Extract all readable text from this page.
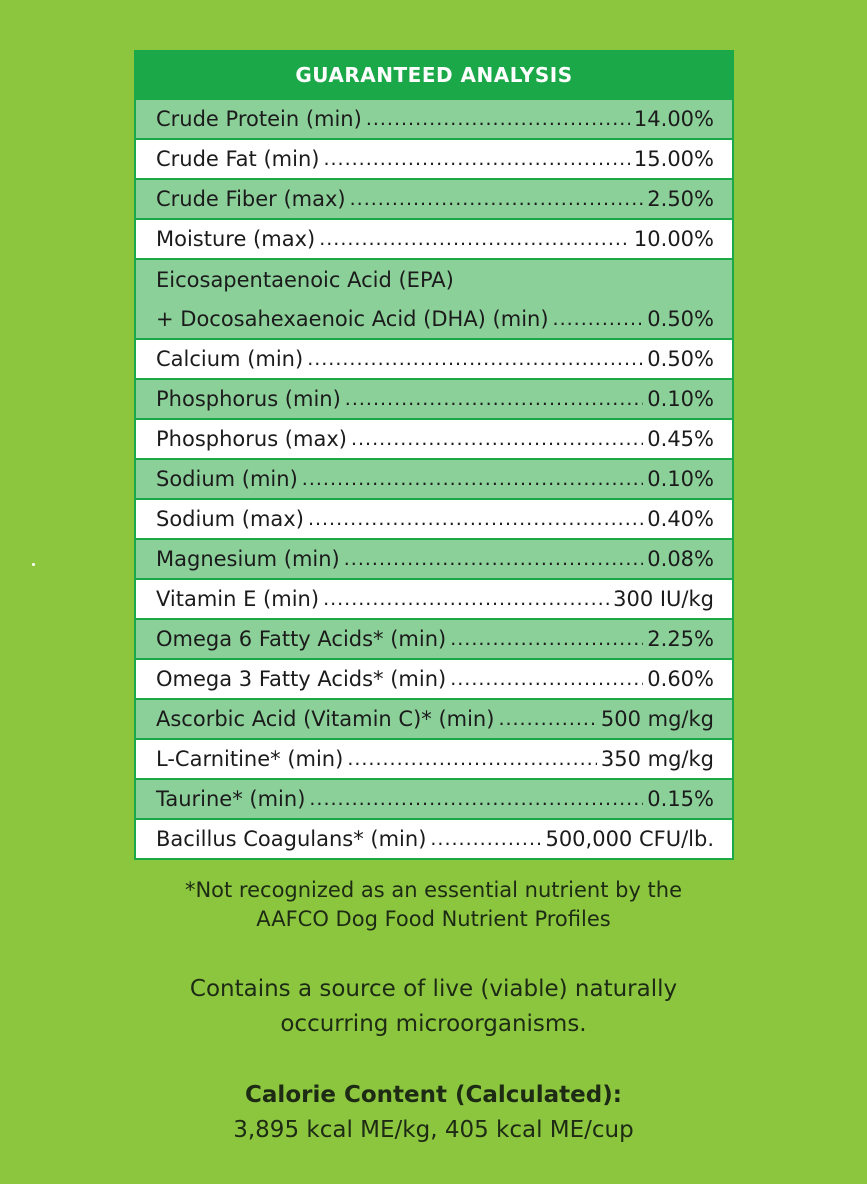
GUARANTEED ANALYSIS
Crude Protein (min) .....	14.00%
Crude Fat (min) .....	15.00%
Crude Fiber (max) .....	2.50%
Moisture (max) .....	10.00%
Eicosapentaenoic Acid (EPA)
+ Docosahexaenoic Acid (DHA) (min) .....	0.50%
Calcium (min) .....	0.50%
Phosphorus (min) .....	0.10%
Phosphorus (max) .....	0.45%
Sodium (min) .....	0.10%
Sodium (max) .....	0.40%
Magnesium (min) .....	0.08%
Vitamin E (min) .....	300 IU/kg
Omega 6 Fatty Acids* (min) .....	2.25%
Omega 3 Fatty Acids* (min) .....	0.60%
Ascorbic Acid (Vitamin C)* (min) .....	500 mg/kg
L-Carnitine* (min) .....	350 mg/kg
Taurine* (min) .....	0.15%
Bacillus Coagulans* (min) .....	500,000 CFU/lb.
*Not recognized as an essential nutrient by the
AAFCO Dog Food Nutrient Profiles
Contains a source of live (viable) naturally
occurring microorganisms.
Calorie Content (Calculated):
3,895 kcal ME/kg, 405 kcal ME/cup
